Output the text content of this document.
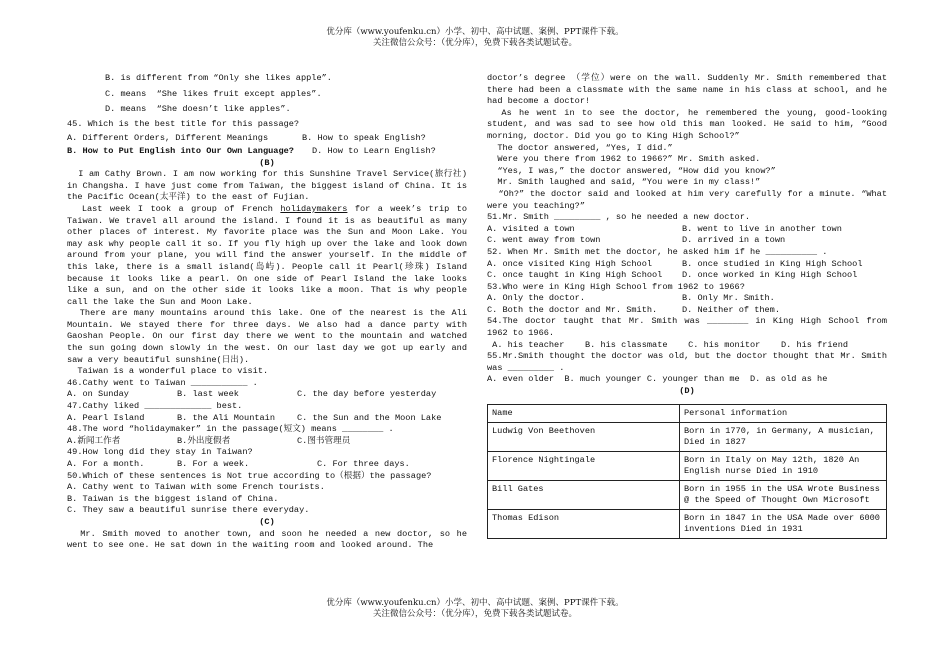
优分库（www.youfenku.cn）小学、初中、高中试题、案例、PPT课件下载。
关注微信公众号：（优分库），免费下载各类试题试卷。

B. is different from “Only she likes apple”.

C. means  “She likes fruit except apples”.

D. means  “She doesn’t like apples”.

45. Which is the best title for this passage?

A. Different Orders, Different Meanings	B. How to speak English?
B. How to Put English into Our Own Language?	D. How to Learn English?

(B)

I am Cathy Brown. I am now working for this Sunshine Travel Service(旅行社) in Changsha. I have just come from Taiwan, the biggest island of China. It is the Pacific Ocean(太平洋) to the east of Fujian.

Last week I took a group of French holidaymakers for a week’s trip to Taiwan. We travel all around the island. I found it is as beautiful as many other places of interest. My favorite place was the Sun and Moon Lake. You may ask why people call it so. If you fly high up over the lake and look down around from your plane, you will find the answer yourself. In the middle of this lake, there is a small island(岛屿). People call it Pearl(珍珠) Island because it looks like a pearl. On one side of Pearl Island the lake looks like a sun, and on the other side it looks like a moon. That is why people call the lake the Sun and Moon Lake.

There are many mountains around this lake. One of the nearest is the Ali Mountain. We stayed there for three days. We also had a dance party with Gaoshan People. On our first day there we went to the mountain and watched the sun going down slowly in the west. On our last day we got up early and saw a very beautiful sunshine(日出).

Taiwan is a wonderful place to visit.

46.Cathy went to Taiwan ___________ .

A. on Sunday	B. last week	C. the day before yesterday

47.Cathy liked _____________ best.

A. Pearl Island	B. the Ali Mountain	C. the Sun and the Moon Lake

48.The word “holidaymaker” in the passage(短文) means ________ .

A.新闻工作者	B.外出度假者	C.图书管理员

49.How long did they stay in Taiwan?

A. For a month.	B. For a week.	C. For three days.

50.Which of these sentences is Not true according to（根据）the passage?

A. Cathy went to Taiwan with some French tourists.

B. Taiwan is the biggest island of China.

C. They saw a beautiful sunrise there everyday.

(C)

Mr. Smith moved to another town, and soon he needed a new doctor, so he went to see one. He sat down in the waiting room and looked around. The

doctor’s degree （学位）were on the wall. Suddenly Mr. Smith remembered that there had been a classmate with the same name in his class at school, and he had become a doctor!

As he went in to see the doctor, he remembered the young, good-looking student, and was sad to see how old this man looked. He said to him, “Good morning, doctor. Did you go to King High School?”

The doctor answered, “Yes, I did.”

Were you there from 1962 to 1966?” Mr. Smith asked.

“Yes, I was,” the doctor answered, “How did you know?”

Mr. Smith laughed and said, “You were in my class!”

“Oh?” the doctor said and looked at him very carefully for a minute. “What were you teaching?”

51.Mr. Smith _________ , so he needed a new doctor.

A. visited a town	B. went to live in another town
C. went away from town	D. arrived in a town

52. When Mr. Smith met the doctor, he asked him if he __________ .

A. once visited King High School	B. once studied in King High School
C. once taught in King High School	D. once worked in King High School

53.Who were in King High School from 1962 to 1966?

A. Only the doctor.	B. Only Mr. Smith.
C. Both the doctor and Mr. Smith.	D. Neither of them.

54.The doctor taught that Mr. Smith was ________ in King High School from 1962 to 1966.

A. his teacher    B. his classmate    C. his monitor    D. his friend

55.Mr.Smith thought the doctor was old, but the doctor thought that Mr. Smith was _________ .

A. even older  B. much younger C. younger than me  D. as old as he

(D)

Name	Personal information
Ludwig Von Beethoven	Born in 1770, in Germany, A musician, Died in 1827
Florence Nightingale	Born in Italy on May 12th, 1820 An English nurse Died in 1910
Bill Gates	Born in 1955 in the USA Wrote Business @ the Speed of Thought Own Microsoft
Thomas Edison	Born in 1847 in the USA Made over 6000 inventions Died in 1931
优分库（www.youfenku.cn）小学、初中、高中试题、案例、PPT课件下载。
关注微信公众号：（优分库），免费下载各类试题试卷。
